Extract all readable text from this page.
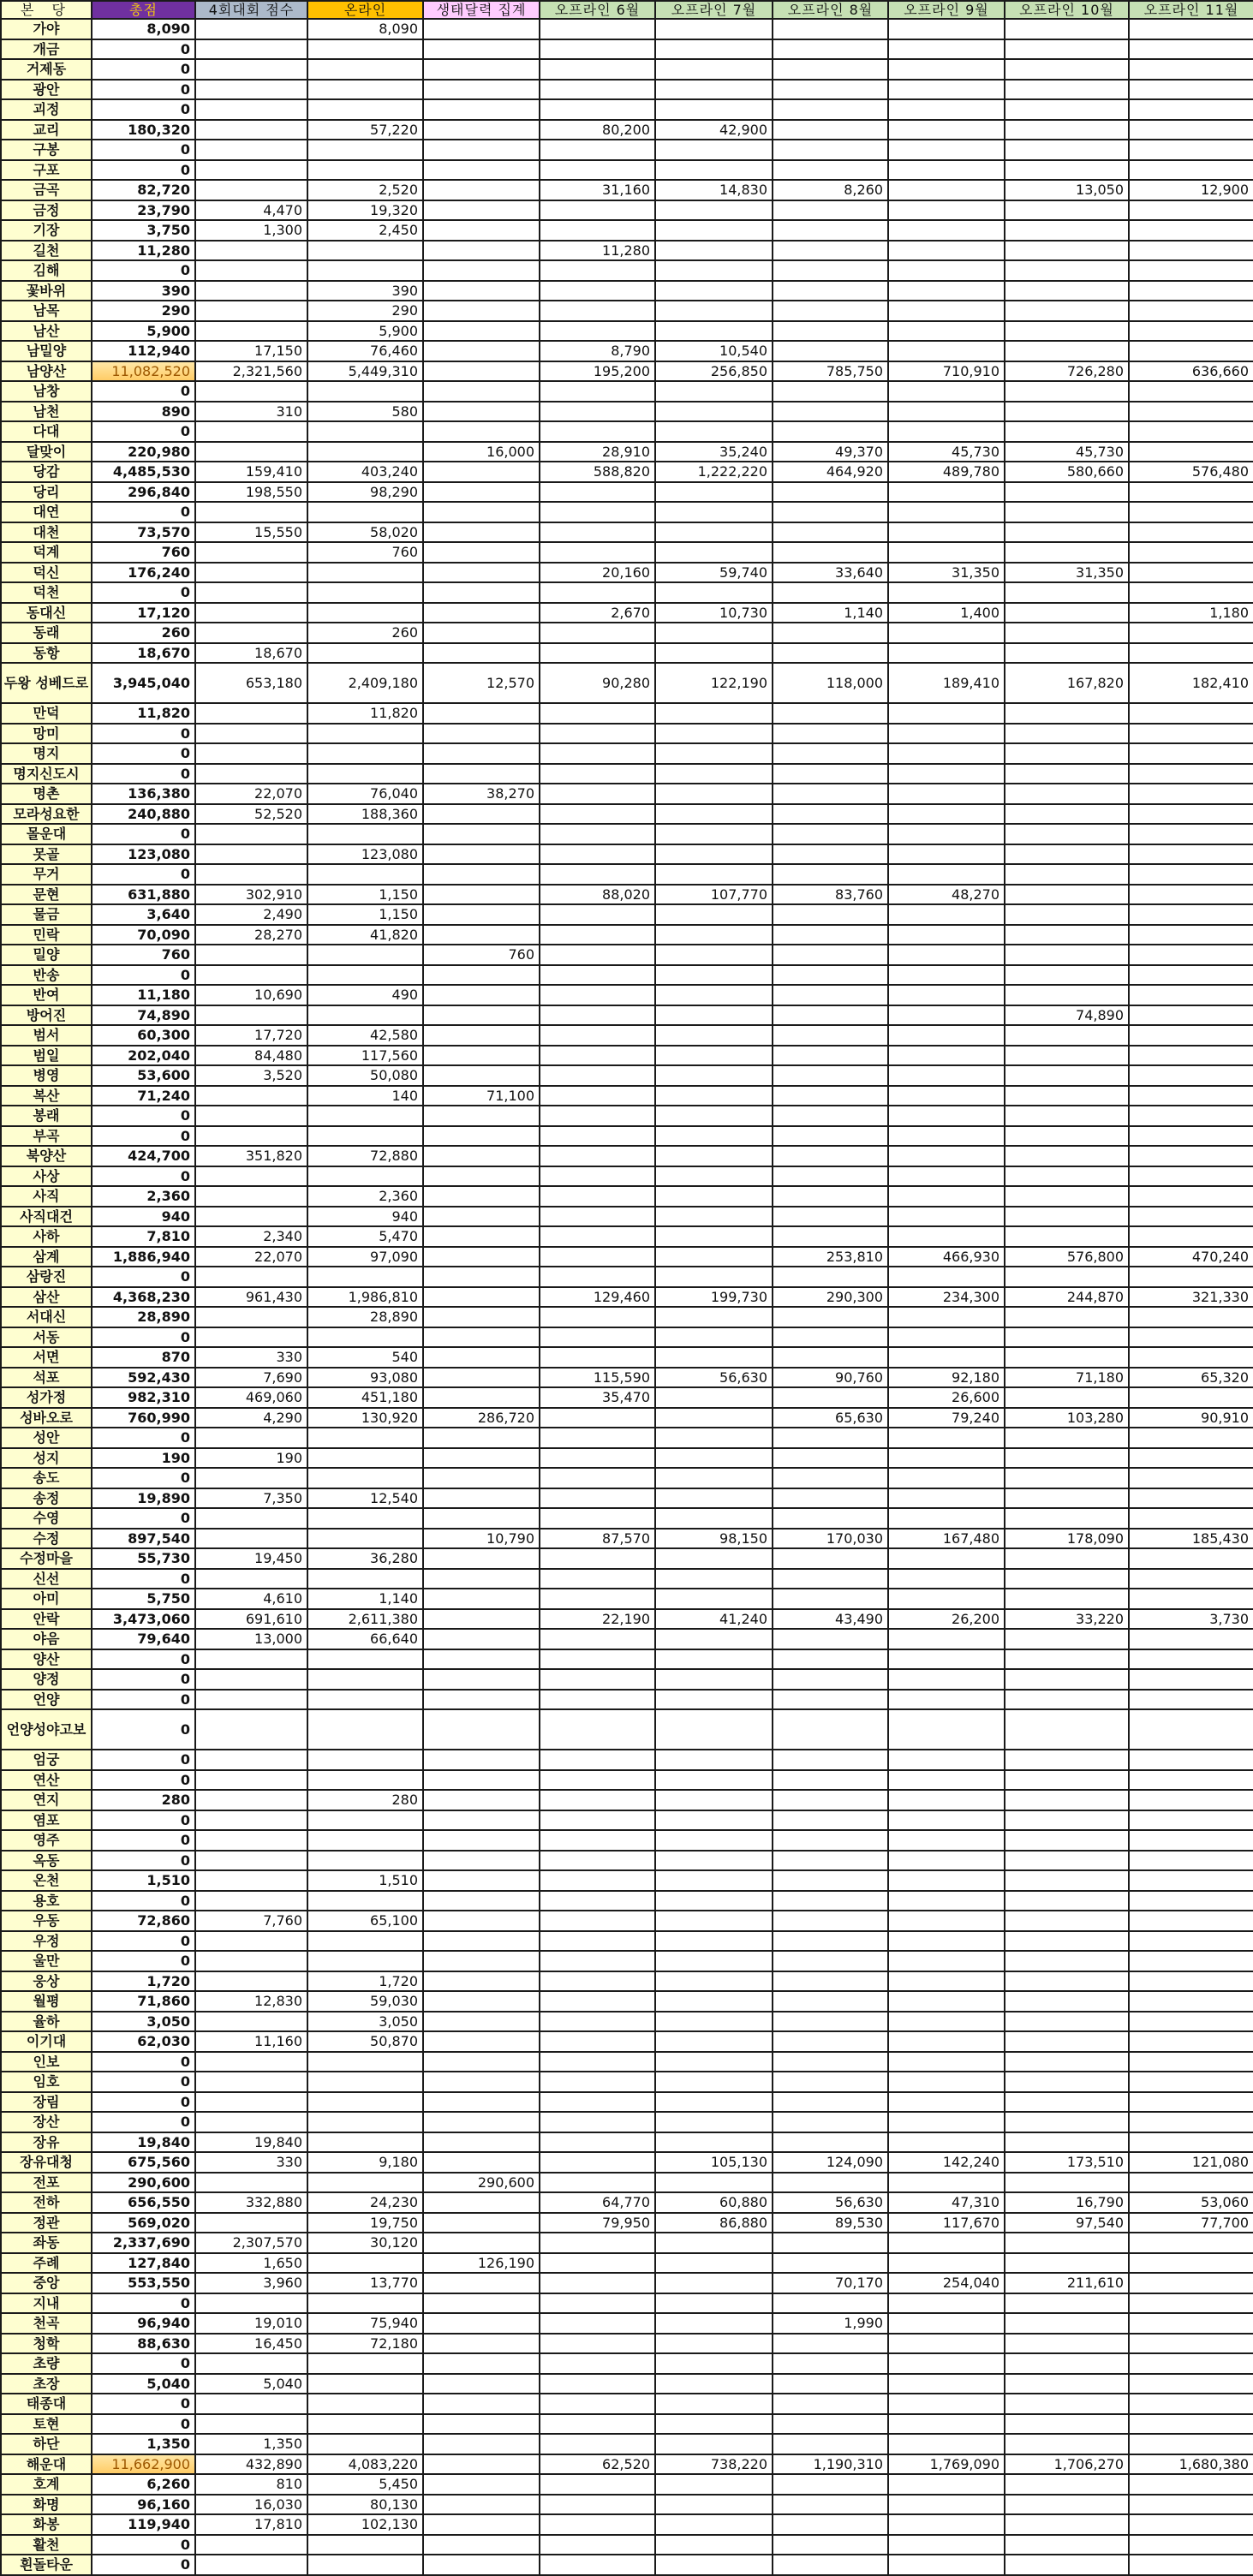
본 당	총점	4회대회 점수	온라인	생태달력 집계	오프라인 6월	오프라인 7월	오프라인 8월	오프라인 9월	오프라인 10월	오프라인 11월
가야	8,090		8,090							
개금	0									
거제동	0									
광안	0									
괴정	0									
교리	180,320		57,220		80,200	42,900				
구봉	0									
구포	0									
금곡	82,720		2,520		31,160	14,830	8,260		13,050	12,900
금정	23,790	4,470	19,320							
기장	3,750	1,300	2,450							
길천	11,280				11,280					
김해	0									
꽃바위	390		390							
남목	290		290							
남산	5,900		5,900							
남밀양	112,940	17,150	76,460		8,790	10,540				
남양산	11,082,520	2,321,560	5,449,310		195,200	256,850	785,750	710,910	726,280	636,660
남창	0									
남천	890	310	580							
다대	0									
달맞이	220,980			16,000	28,910	35,240	49,370	45,730	45,730	
당감	4,485,530	159,410	403,240		588,820	1,222,220	464,920	489,780	580,660	576,480
당리	296,840	198,550	98,290							
대연	0									
대천	73,570	15,550	58,020							
덕계	760		760							
덕신	176,240				20,160	59,740	33,640	31,350	31,350	
덕천	0									
동대신	17,120				2,670	10,730	1,140	1,400		1,180
동래	260		260							
동항	18,670	18,670								
두왕 성베드로	3,945,040	653,180	2,409,180	12,570	90,280	122,190	118,000	189,410	167,820	182,410
만덕	11,820		11,820							
망미	0									
명지	0									
명지신도시	0									
명촌	136,380	22,070	76,040	38,270						
모라성요한	240,880	52,520	188,360							
몰운대	0									
못골	123,080		123,080							
무거	0									
문현	631,880	302,910	1,150		88,020	107,770	83,760	48,270		
물금	3,640	2,490	1,150							
민락	70,090	28,270	41,820							
밀양	760			760						
반송	0									
반여	11,180	10,690	490							
방어진	74,890								74,890	
범서	60,300	17,720	42,580							
범일	202,040	84,480	117,560							
병영	53,600	3,520	50,080							
복산	71,240		140	71,100						
봉래	0									
부곡	0									
북양산	424,700	351,820	72,880							
사상	0									
사직	2,360		2,360							
사직대건	940		940							
사하	7,810	2,340	5,470							
삼계	1,886,940	22,070	97,090				253,810	466,930	576,800	470,240
삼랑진	0									
삼산	4,368,230	961,430	1,986,810		129,460	199,730	290,300	234,300	244,870	321,330
서대신	28,890		28,890							
서동	0									
서면	870	330	540							
석포	592,430	7,690	93,080		115,590	56,630	90,760	92,180	71,180	65,320
성가정	982,310	469,060	451,180		35,470			26,600		
성바오로	760,990	4,290	130,920	286,720			65,630	79,240	103,280	90,910
성안	0									
성지	190	190								
송도	0									
송정	19,890	7,350	12,540							
수영	0									
수정	897,540			10,790	87,570	98,150	170,030	167,480	178,090	185,430
수정마을	55,730	19,450	36,280							
신선	0									
아미	5,750	4,610	1,140							
안락	3,473,060	691,610	2,611,380		22,190	41,240	43,490	26,200	33,220	3,730
야음	79,640	13,000	66,640							
양산	0									
양정	0									
언양	0									
언양성야고보	0									
엄궁	0									
연산	0									
연지	280		280							
염포	0									
영주	0									
옥동	0									
온천	1,510		1,510							
용호	0									
우동	72,860	7,760	65,100							
우정	0									
울만	0									
웅상	1,720		1,720							
월평	71,860	12,830	59,030							
율하	3,050		3,050							
이기대	62,030	11,160	50,870							
인보	0									
임호	0									
장림	0									
장산	0									
장유	19,840	19,840								
장유대청	675,560	330	9,180			105,130	124,090	142,240	173,510	121,080
전포	290,600			290,600						
전하	656,550	332,880	24,230		64,770	60,880	56,630	47,310	16,790	53,060
정관	569,020		19,750		79,950	86,880	89,530	117,670	97,540	77,700
좌동	2,337,690	2,307,570	30,120							
주례	127,840	1,650		126,190						
중앙	553,550	3,960	13,770				70,170	254,040	211,610	
지내	0									
천곡	96,940	19,010	75,940				1,990			
청학	88,630	16,450	72,180							
초량	0									
초장	5,040	5,040								
태종대	0									
토현	0									
하단	1,350	1,350								
해운대	11,662,900	432,890	4,083,220		62,520	738,220	1,190,310	1,769,090	1,706,270	1,680,380
호계	6,260	810	5,450							
화명	96,160	16,030	80,130							
화봉	119,940	17,810	102,130							
활천	0									
흰돌타운	0									
